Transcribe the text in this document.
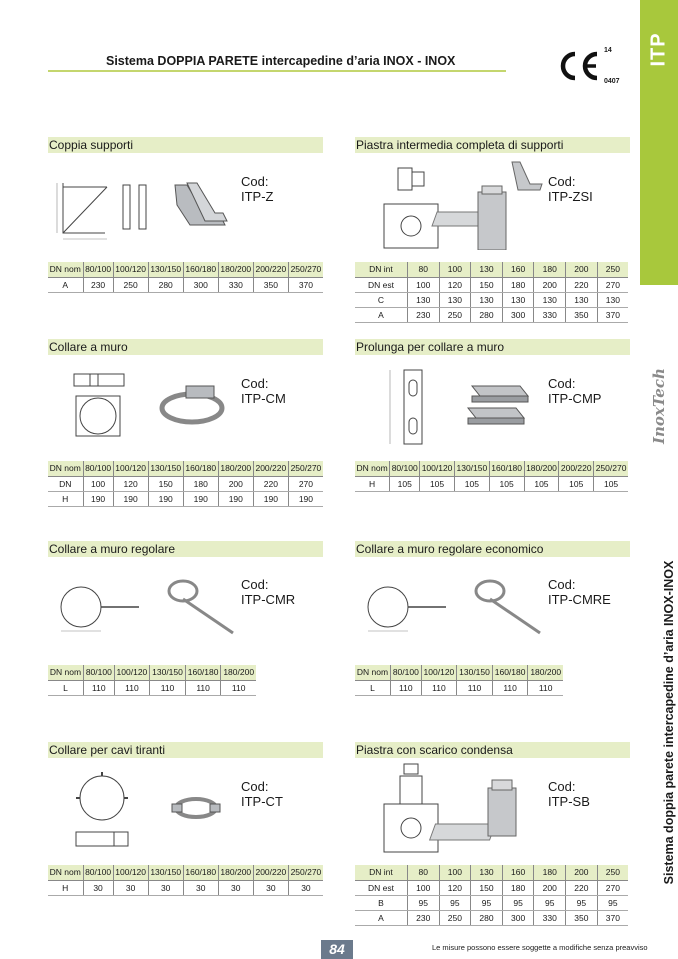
Sistema DOPPIA PARETE intercapedine d’aria INOX - INOX
14
0407
ITP
InoxTech
Sistema doppia parete intercapedine d’aria INOX-INOX
Coppia supporti
Cod:
ITP-Z
DN nom	80/100	100/120	130/150	160/180	180/200	200/220	250/270
A	230	250	280	300	330	350	370
Piastra intermedia completa di supporti
Cod:
ITP-ZSI
DN int	80	100	130	160	180	200	250
DN est	100	120	150	180	200	220	270
C	130	130	130	130	130	130	130
A	230	250	280	300	330	350	370
Collare a muro
Cod:
ITP-CM
DN nom	80/100	100/120	130/150	160/180	180/200	200/220	250/270
DN	100	120	150	180	200	220	270
H	190	190	190	190	190	190	190
Prolunga per collare a muro
Cod:
ITP-CMP
DN nom	80/100	100/120	130/150	160/180	180/200	200/220	250/270
H	105	105	105	105	105	105	105
Collare a muro regolare
Cod:
ITP-CMR
DN nom	80/100	100/120	130/150	160/180	180/200
L	110	110	110	110	110
Collare a muro regolare economico
Cod:
ITP-CMRE
DN nom	80/100	100/120	130/150	160/180	180/200
L	110	110	110	110	110
Collare per cavi tiranti
Cod:
ITP-CT
DN nom	80/100	100/120	130/150	160/180	180/200	200/220	250/270
H	30	30	30	30	30	30	30
Piastra con scarico condensa
Cod:
ITP-SB
DN int	80	100	130	160	180	200	250
DN est	100	120	150	180	200	220	270
B	95	95	95	95	95	95	95
A	230	250	280	300	330	350	370
84	Le misure possono essere soggette a modifiche senza preavviso
